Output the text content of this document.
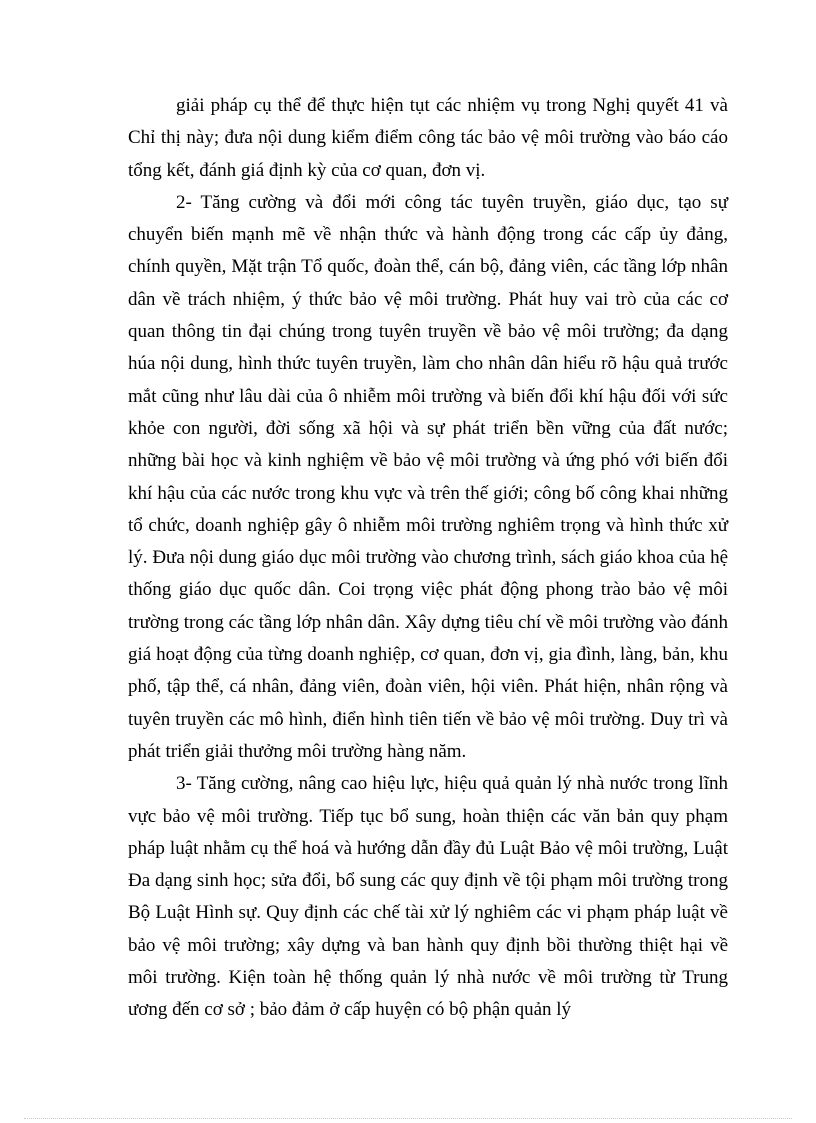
giải pháp cụ thể để thực hiện tụt các nhiệm vụ trong Nghị quyết 41 và Chỉ thị này; đưa nội dung kiểm điểm công tác bảo vệ môi trường vào báo cáo tổng kết, đánh giá định kỳ của cơ quan, đơn vị.

2- Tăng cường và đổi mới công tác tuyên truyền, giáo dục, tạo sự chuyển biến mạnh mẽ về nhận thức và hành động trong các cấp ủy đảng, chính quyền, Mặt trận Tổ quốc, đoàn thể, cán bộ, đảng viên, các tầng lớp nhân dân về trách nhiệm, ý thức bảo vệ môi trường. Phát huy vai trò của các cơ quan thông tin đại chúng trong tuyên truyền về bảo vệ môi trường; đa dạng húa nội dung, hình thức tuyên truyền, làm cho nhân dân hiểu rõ hậu quả trước mắt cũng như lâu dài của ô nhiễm môi trường và biến đổi khí hậu đối với sức khỏe con người, đời sống xã hội và sự phát triển bền vững của đất nước; những bài học và kinh nghiệm về bảo vệ môi trường và ứng phó với biến đổi khí hậu của các nước trong khu vực và trên thế giới; công bố công khai những tổ chức, doanh nghiệp gây ô nhiễm môi trường nghiêm trọng và hình thức xử lý. Đưa nội dung giáo dục môi trường vào chương trình, sách giáo khoa của hệ thống giáo dục quốc dân. Coi trọng việc phát động phong trào bảo vệ môi trường trong các tầng lớp nhân dân. Xây dựng tiêu chí về môi trường vào đánh giá hoạt động của từng doanh nghiệp, cơ quan, đơn vị, gia đình, làng, bản, khu phố, tập thể, cá nhân, đảng viên, đoàn viên, hội viên. Phát hiện, nhân rộng và tuyên truyền các mô hình, điển hình tiên tiến về bảo vệ môi trường. Duy trì và phát triển giải thưởng môi trường hàng năm.

3- Tăng cường, nâng cao hiệu lực, hiệu quả quản lý nhà nước trong lĩnh vực bảo vệ môi trường. Tiếp tục bổ sung, hoàn thiện các văn bản quy phạm pháp luật nhằm cụ thể hoá và hướng dẫn đầy đủ Luật Bảo vệ môi trường, Luật Đa dạng sinh học; sửa đổi, bổ sung các quy định về tội phạm môi trường trong Bộ Luật Hình sự. Quy định các chế tài xử lý nghiêm các vi phạm pháp luật về bảo vệ môi trường; xây dựng và ban hành quy định bồi thường thiệt hại về môi trường. Kiện toàn hệ thống quản lý nhà nước về môi trường từ Trung ương đến cơ sở ; bảo đảm ở cấp huyện có bộ phận quản lý
